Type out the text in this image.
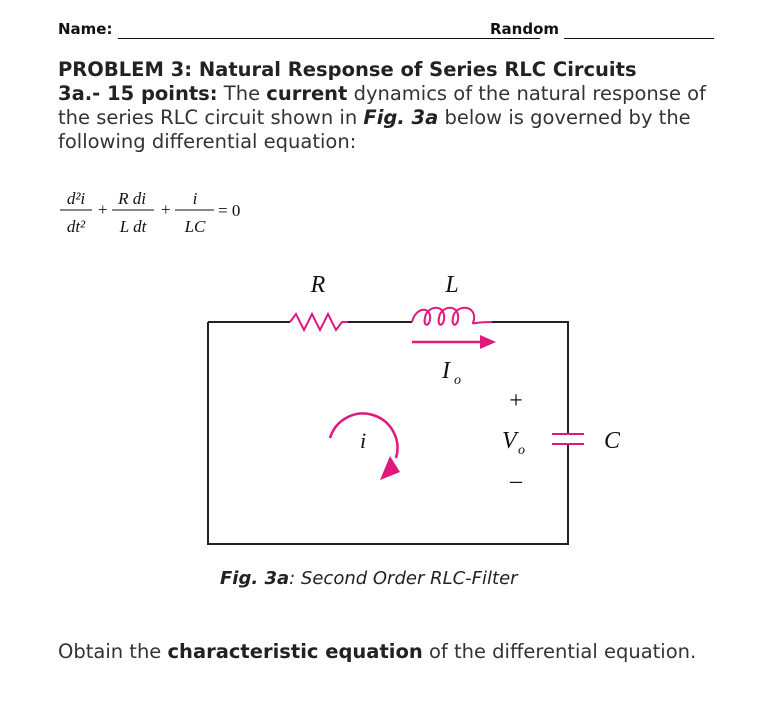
Name:	Random

PROBLEM 3: Natural Response of Series RLC Circuits

3a.- 15 points: The current dynamics of the natural response of the series RLC circuit shown in Fig. 3a below is governed by the following differential equation:

d²i
dt²
+
R di
L dt
+
i
LC
= 0
R	L
I o
i	C
+
V o
–
Fig. 3a: Second Order RLC-Filter
Obtain the characteristic equation of the differential equation.
